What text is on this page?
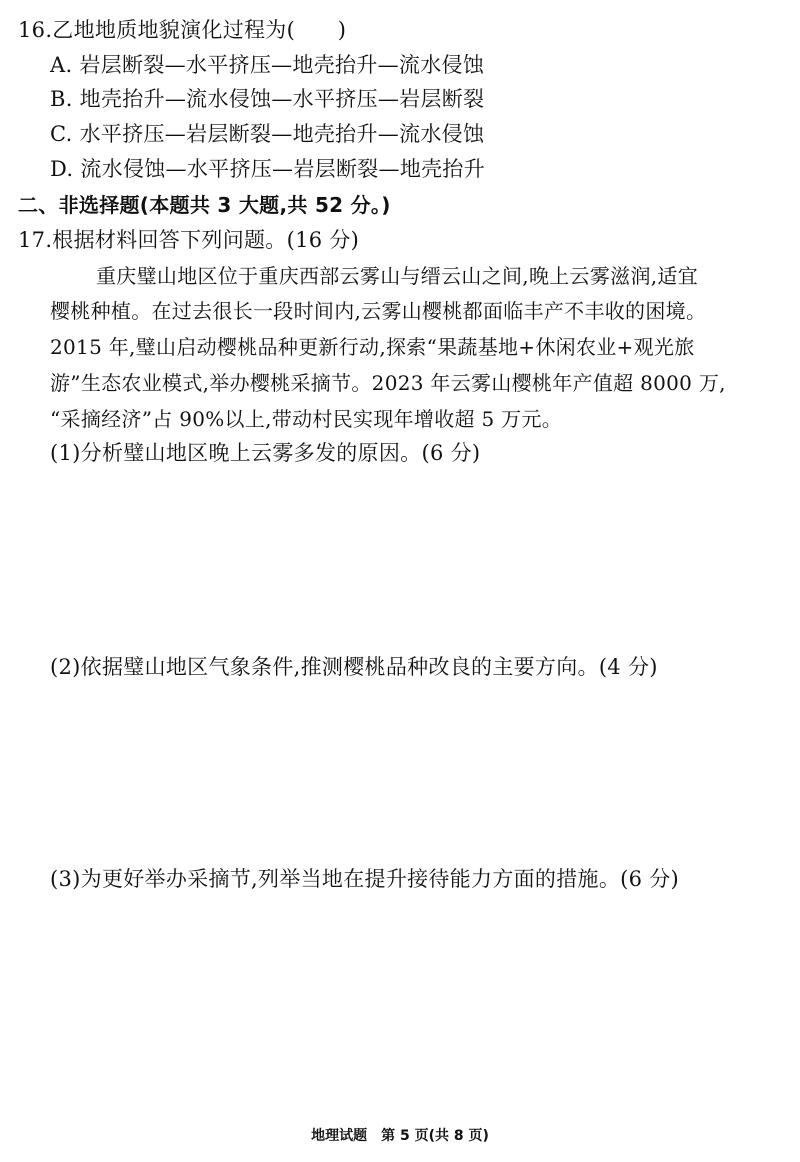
16.乙地地质地貌演化过程为(　　)
A. 岩层断裂—水平挤压—地壳抬升—流水侵蚀
B. 地壳抬升—流水侵蚀—水平挤压—岩层断裂
C. 水平挤压—岩层断裂—地壳抬升—流水侵蚀
D. 流水侵蚀—水平挤压—岩层断裂—地壳抬升
二、非选择题(本题共 3 大题,共 52 分。)
17.根据材料回答下列问题。(16 分)
重庆璧山地区位于重庆西部云雾山与缙云山之间,晚上云雾滋润,适宜
樱桃种植。在过去很长一段时间内,云雾山樱桃都面临丰产不丰收的困境。
2015 年,璧山启动樱桃品种更新行动,探索“果蔬基地+休闲农业+观光旅
游”生态农业模式,举办樱桃采摘节。2023 年云雾山樱桃年产值超 8000 万,
“采摘经济”占 90%以上,带动村民实现年增收超 5 万元。
(1)分析璧山地区晚上云雾多发的原因。(6 分)
(2)依据璧山地区气象条件,推测樱桃品种改良的主要方向。(4 分)
(3)为更好举办采摘节,列举当地在提升接待能力方面的措施。(6 分)
地理试题　第 5 页(共 8 页)
